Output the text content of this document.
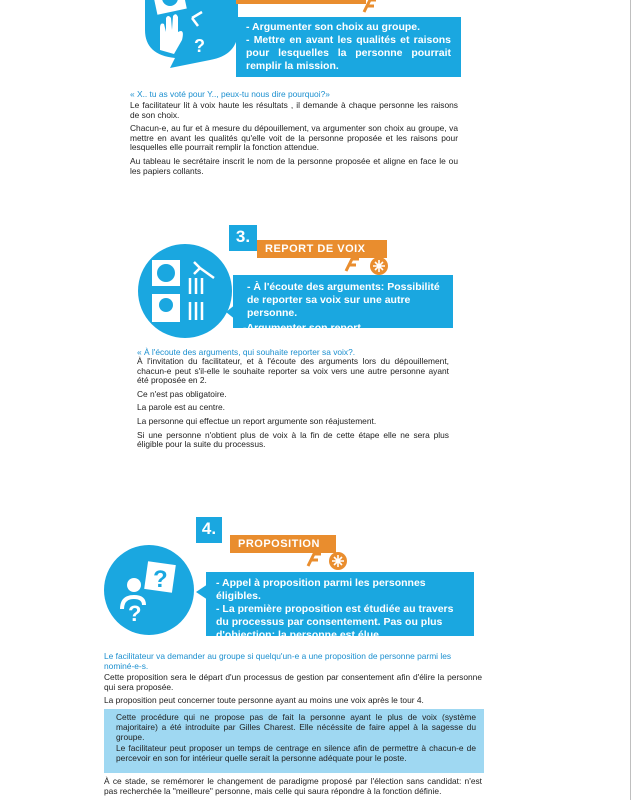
?

- Argumenter son choix au groupe.

- Mettre en avant les qualités et raisons pour lesquelles la personne pourrait remplir la mission.

« X.. tu as voté pour Y.., peux-tu nous dire pourquoi?»

Le facilitateur lit à voix haute les résultats , il demande à chaque personne les raisons de son choix.

Chacun-e, au fur et à mesure du dépouillement, va argumenter son choix au groupe, va mettre en avant les qualités qu'elle voit de la personne proposée et les raisons pour lesquelles elle pourrait remplir la fonction attendue.

Au tableau le secrétaire inscrit le nom de la personne proposée et aligne en face le ou les papiers collants.

3.
REPORT DE VOIX

- À l'écoute des arguments: Possibilité de reporter sa voix sur une autre personne.

-Argumenter son report.

« À l'écoute des arguments, qui souhaite reporter sa voix?.

À l'invitation du facilitateur, et à l'écoute des arguments lors du dépouillement, chacun-e peut s'il-elle le souhaite reporter sa voix vers une autre personne ayant été proposée en 2.

Ce n'est pas obligatoire.

La parole est au centre.

La personne qui effectue un report argumente son réajustement.

Si une personne n'obtient plus de voix à la fin de cette étape elle ne sera plus éligible pour la suite du processus.

4.
PROPOSITION
?
?

- Appel à proposition parmi les personnes éligibles.

- La première proposition est étudiée au travers du processus par consentement. Pas ou plus d'objection: la personne est élue.

Le facilitateur va demander au groupe si quelqu'un-e a une proposition de personne parmi les nominé-e-s.

Cette proposition sera le départ d'un processus de gestion par consentement afin d'élire la personne qui sera proposée.

La proposition peut concerner toute personne ayant au moins une voix après le tour 4.

Cette procédure qui ne propose pas de fait la personne ayant le plus de voix (système majoritaire) a été introduite par Gilles Charest. Elle nécéssite de faire appel à la sagesse du groupe.

Le facilitateur peut proposer un temps de centrage en silence afin de permettre à chacun-e de percevoir en son for intérieur quelle serait la personne adéquate pour le poste.

À ce stade, se remémorer le changement de paradigme proposé par l'élection sans candidat: n'est pas recherchée la "meilleure" personne, mais celle qui saura répondre à la fonction définie.
